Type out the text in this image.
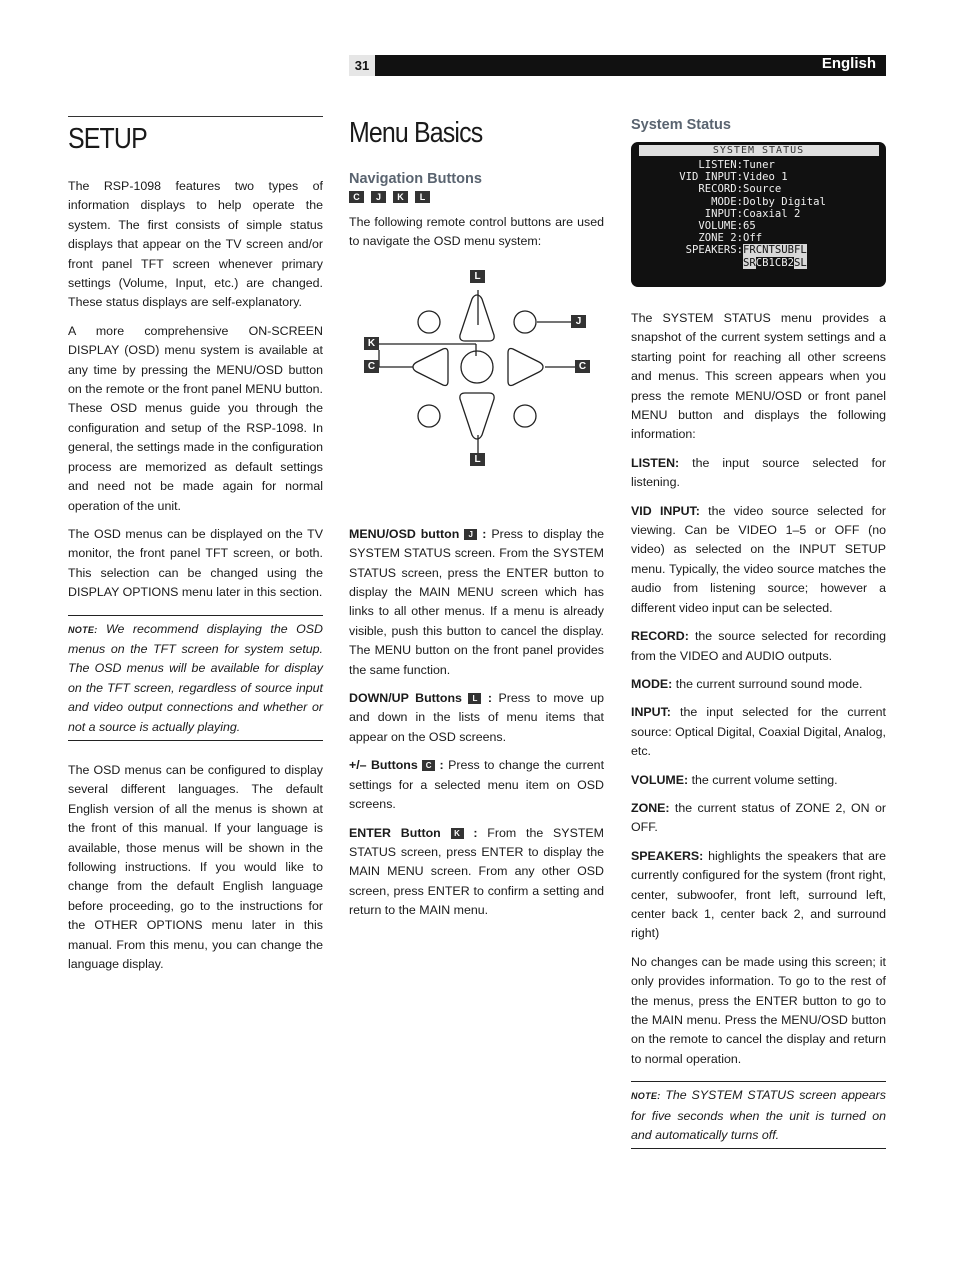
31	English
SETUP

The RSP-1098 features two types of information displays to help operate the system. The first consists of simple status displays that appear on the TV screen and/or front panel TFT screen whenever primary settings (Volume, Input, etc.) are changed. These status displays are self-explanatory.

A more comprehensive ON-SCREEN DISPLAY (OSD) menu system is available at any time by pressing the MENU/OSD button on the remote or the front panel MENU button. These OSD menus guide you through the configuration and setup of the RSP-1098. In general, the settings made in the configuration process are memorized as default settings and need not be made again for normal operation of the unit.

The OSD menus can be displayed on the TV monitor, the front panel TFT screen, or both. This selection can be changed using the DISPLAY OPTIONS menu later in this section.

NOTE: We recommend displaying the OSD menus on the TFT screen for system setup. The OSD menus will be available for display on the TFT screen, regardless of source input and video output connections and whether or not a source is actually playing.

The OSD menus can be configured to display several different languages. The default English version of all the menus is shown at the front of this manual. If your language is available, those menus will be shown in the following instructions. If you would like to change from the default English language before proceeding, go to the instructions for the OTHER OPTIONS menu later in this manual. From this menu, you can change the language display.

Menu Basics
Navigation Buttons
C	J	K	L

The following remote control buttons are used to navigate the OSD menu system:

L
J
K
C	C
L

MENU/OSD button J : Press to display the SYSTEM STATUS screen. From the SYSTEM STATUS screen, press the ENTER button to display the MAIN MENU screen which has links to all other menus. If a menu is already visible, push this button to cancel the display. The MENU button on the front panel provides the same function.

DOWN/UP Buttons L : Press to move up and down in the lists of menu items that appear on the OSD screens.

+/– Buttons C : Press to change the current settings for a selected menu item on OSD screens.

ENTER Button K : From the SYSTEM STATUS screen, press ENTER to display the MAIN MENU screen. From any other OSD screen, press ENTER to confirm a setting and return to the MAIN menu.

System Status
SYSTEM STATUS
LISTEN: Tuner
VID INPUT: Video 1
RECORD: Source
MODE: Dolby Digital
INPUT: Coaxial 2
VOLUME: 65
ZONE 2: Off
SPEAKERS: FR CNT SUB FL
SR CB1 CB2 SL

The SYSTEM STATUS menu provides a snapshot of the current system settings and a starting point for reaching all other screens and menus. This screen appears when you press the remote MENU/OSD or front panel MENU button and displays the following information:

LISTEN: the input source selected for listening.

VID INPUT: the video source selected for viewing. Can be VIDEO 1–5 or OFF (no video) as selected on the INPUT SETUP menu. Typically, the video source matches the audio from listening source; however a different video input can be selected.

RECORD: the source selected for recording from the VIDEO and AUDIO outputs.

MODE: the current surround sound mode.

INPUT: the input selected for the current source: Optical Digital, Coaxial Digital, Analog, etc.

VOLUME: the current volume setting.

ZONE: the current status of ZONE 2, ON or OFF.

SPEAKERS: highlights the speakers that are currently configured for the system (front right, center, subwoofer, front left, surround left, center back 1, center back 2, and surround right)

No changes can be made using this screen; it only provides information. To go to the rest of the menus, press the ENTER button to go to the MAIN menu. Press the MENU/OSD button on the remote to cancel the display and return to normal operation.

NOTE: The SYSTEM STATUS screen appears for five seconds when the unit is turned on and automatically turns off.
